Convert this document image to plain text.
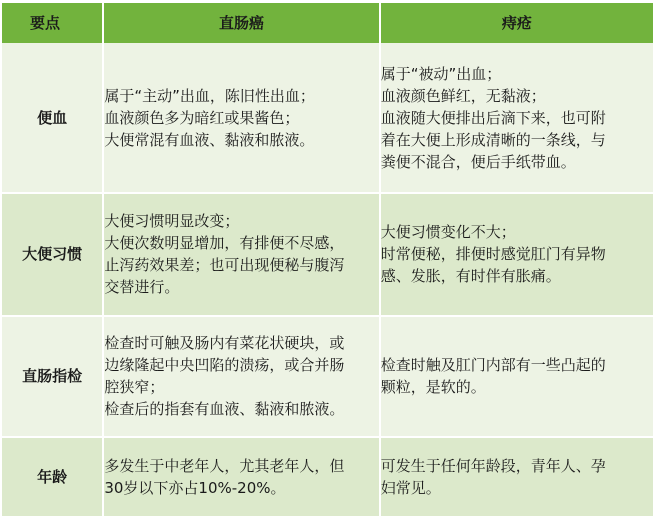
要点	直肠癌	痔疮
便血	属于“主动”出血，陈旧性出血；
血液颜色多为暗红或果酱色；
大便常混有血液、黏液和脓液。	属于“被动”出血；
血液颜色鲜红，无黏液；
血液随大便排出后滴下来，也可附
着在大便上形成清晰的一条线，与
粪便不混合，便后手纸带血。

大便习惯	大便习惯明显改变；
大便次数明显增加，有排便不尽感，
止泻药效果差；也可出现便秘与腹泻
交替进行。	大便习惯变化不大；
时常便秘，排便时感觉肛门有异物
感、发胀，有时伴有胀痛。

直肠指检	检查时可触及肠内有菜花状硬块，或
边缘隆起中央凹陷的溃疡，或合并肠
腔狭窄；
检查后的指套有血液、黏液和脓液。	检查时触及肛门内部有一些凸起的
颗粒，是软的。

年龄	多发生于中老年人，尤其老年人，但
30岁以下亦占10%-20%。	可发生于任何年龄段，青年人、孕
妇常见。
